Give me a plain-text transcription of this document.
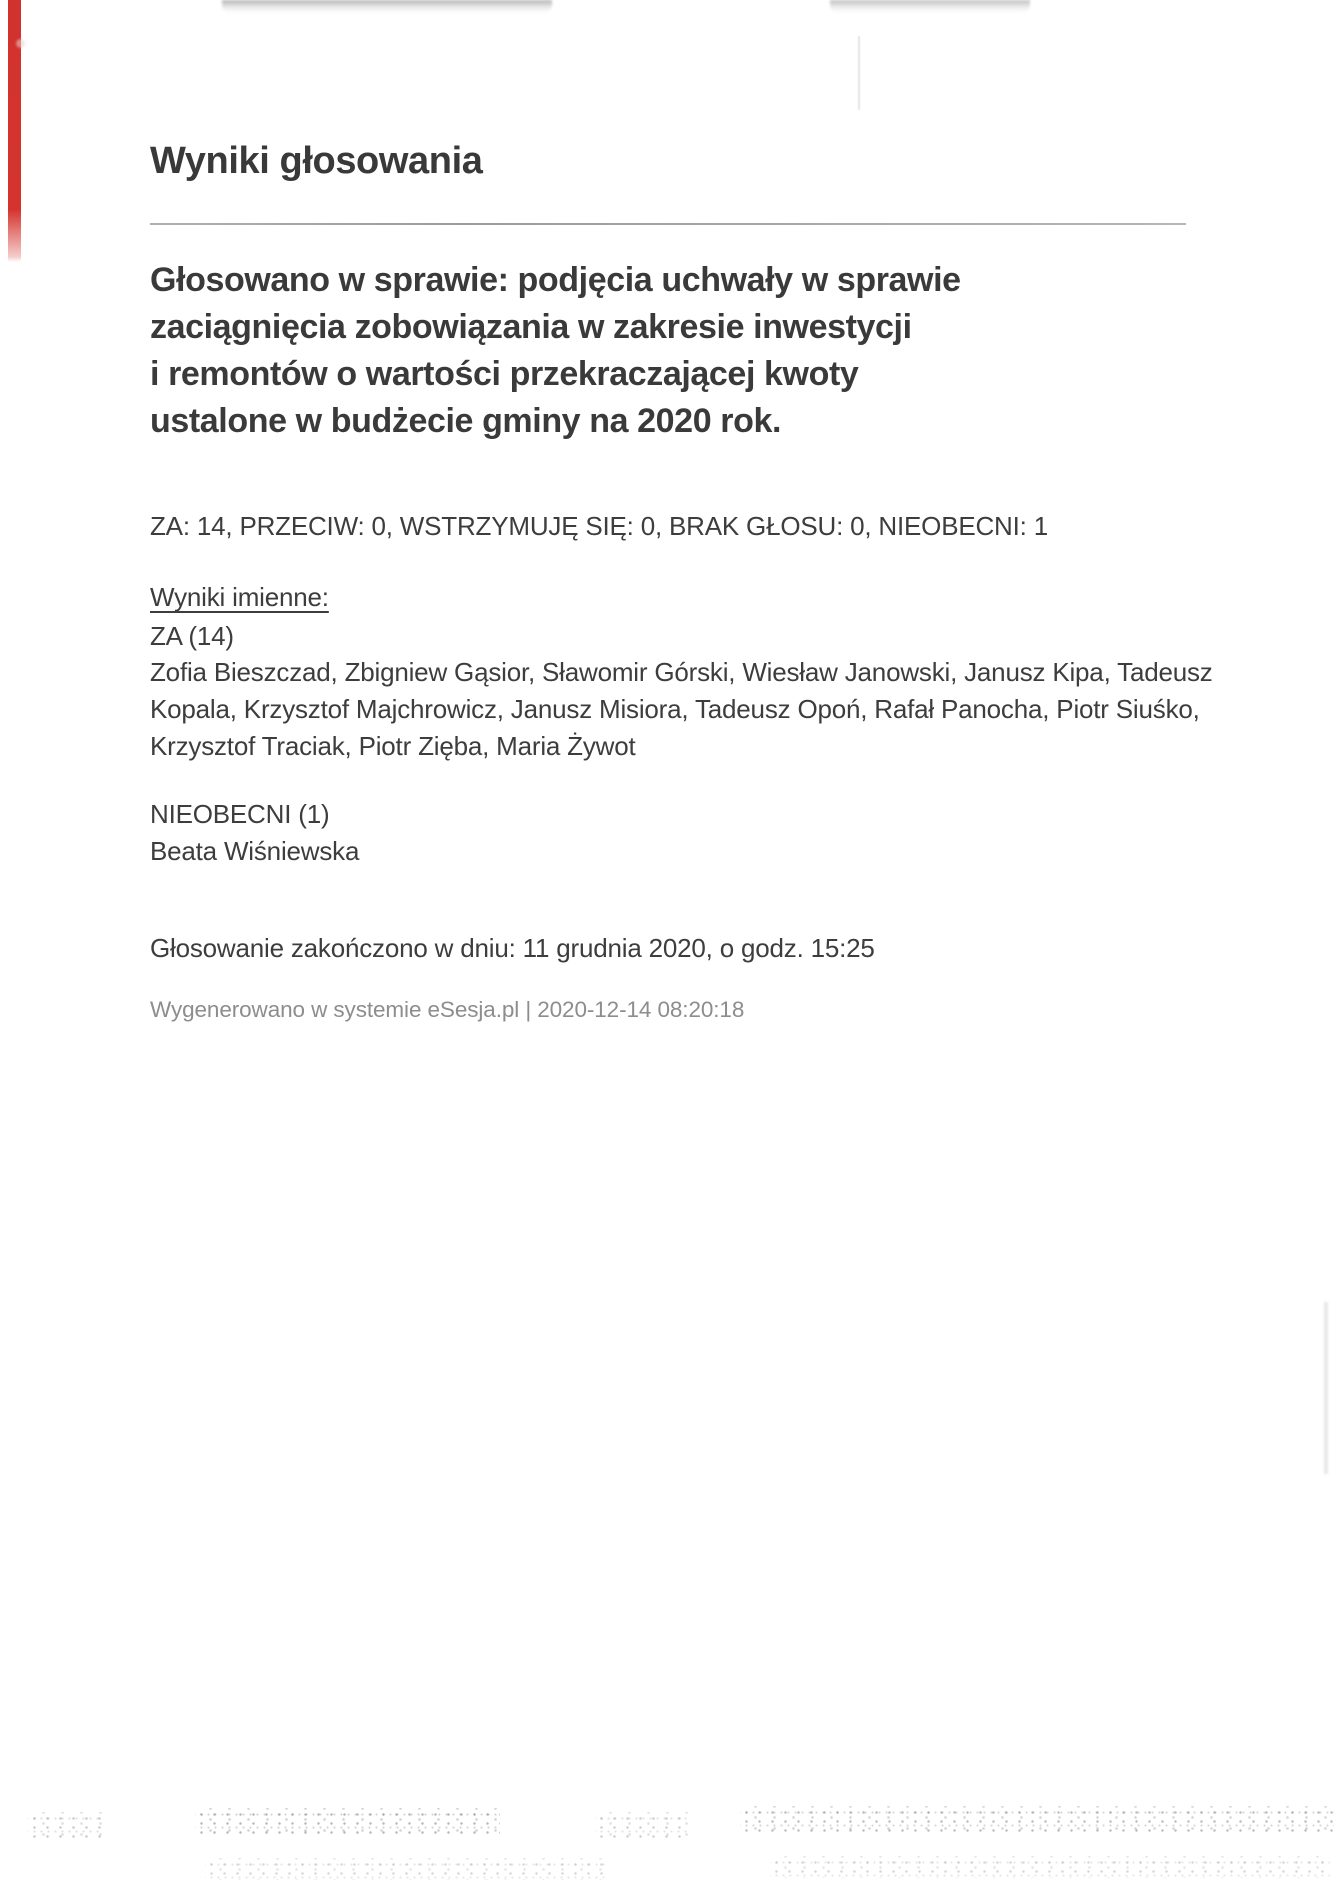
Wyniki głosowania
Głosowano w sprawie: podjęcia uchwały w sprawie
zaciągnięcia zobowiązania w zakresie inwestycji
i remontów o wartości przekraczającej kwoty
ustalone w budżecie gminy na 2020 rok.
ZA: 14, PRZECIW: 0, WSTRZYMUJĘ SIĘ: 0, BRAK GŁOSU: 0, NIEOBECNI: 1
Wyniki imienne:
ZA (14)
Zofia Bieszczad, Zbigniew Gąsior, Sławomir Górski, Wiesław Janowski, Janusz Kipa, Tadeusz Kopala, Krzysztof Majchrowicz, Janusz Misiora, Tadeusz Opoń, Rafał Panocha, Piotr Siuśko, Krzysztof Traciak, Piotr Zięba, Maria Żywot
NIEOBECNI (1)
Beata Wiśniewska
Głosowanie zakończono w dniu: 11 grudnia 2020, o godz. 15:25
Wygenerowano w systemie eSesja.pl | 2020-12-14 08:20:18
